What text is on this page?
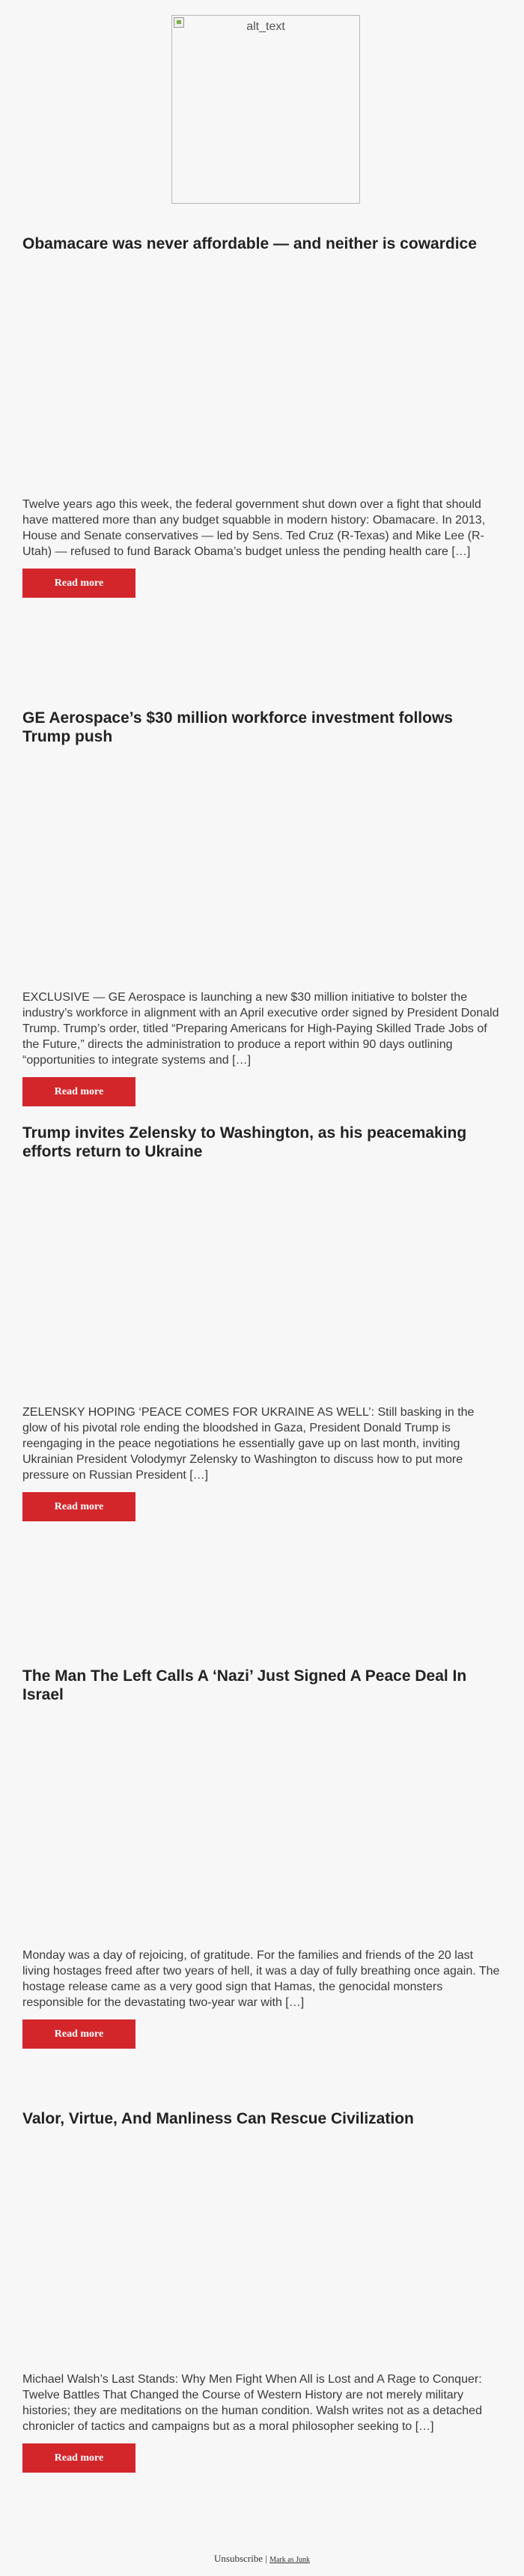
alt_text
Obamacare was never affordable — and neither is cowardice

Twelve years ago this week, the federal government shut down over a fight that should have mattered more than any budget squabble in modern history: Obamacare. In 2013, House and Senate conservatives — led by Sens. Ted Cruz (R-Texas) and Mike Lee (R-Utah) — refused to fund Barack Obama’s budget unless the pending health care […]

Read more
GE Aerospace’s $30 million workforce investment follows Trump push

EXCLUSIVE — GE Aerospace is launching a new $30 million initiative to bolster the industry’s workforce in alignment with an April executive order signed by President Donald Trump. Trump’s order, titled “Preparing Americans for High-Paying Skilled Trade Jobs of the Future,” directs the administration to produce a report within 90 days outlining “opportunities to integrate systems and […]

Read more
Trump invites Zelensky to Washington, as his peacemaking efforts return to Ukraine

ZELENSKY HOPING ‘PEACE COMES FOR UKRAINE AS WELL’: Still basking in the glow of his pivotal role ending the bloodshed in Gaza, President Donald Trump is reengaging in the peace negotiations he essentially gave up on last month, inviting Ukrainian President Volodymyr Zelensky to Washington to discuss how to put more pressure on Russian President […]

Read more
The Man The Left Calls A ‘Nazi’ Just Signed A Peace Deal In Israel

Monday was a day of rejoicing, of gratitude. For the families and friends of the 20 last living hostages freed after two years of hell, it was a day of fully breathing once again. The hostage release came as a very good sign that Hamas, the genocidal monsters responsible for the devastating two-year war with […]

Read more
Valor, Virtue, And Manliness Can Rescue Civilization

Michael Walsh’s Last Stands: Why Men Fight When All is Lost and A Rage to Conquer: Twelve Battles That Changed the Course of Western History are not merely military histories; they are meditations on the human condition. Walsh writes not as a detached chronicler of tactics and campaigns but as a moral philosopher seeking to […]

Read more
Unsubscribe | Mark as Junk
